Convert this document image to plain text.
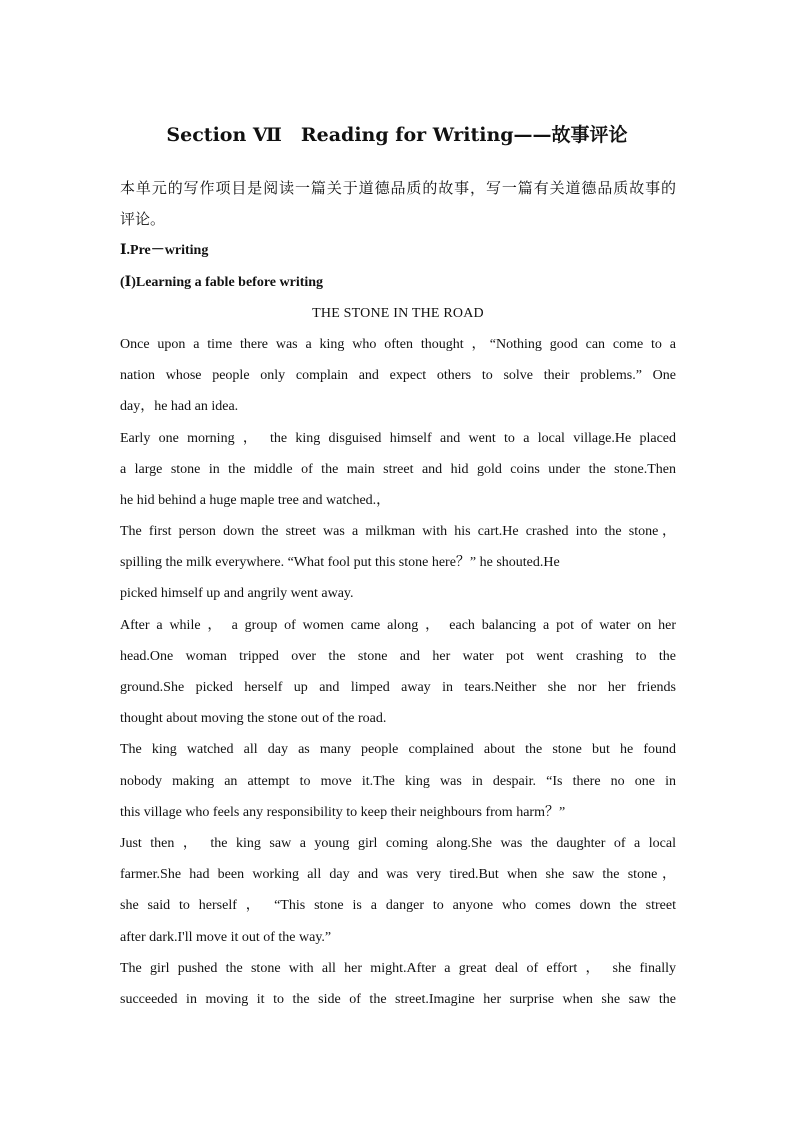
Section Ⅶ　Reading for Writing——故事评论
本单元的写作项目是阅读一篇关于道德品质的故事，写一篇有关道德品质故事的
评论。
Ⅰ.Pre－writing
(Ⅰ)Learning a fable before writing
THE STONE IN THE ROAD
Once upon a time there was a king who often thought ，“Nothing good can come to a
nation whose people only complain and expect others to solve their problems.” One
day，he had an idea.
Early one morning ， the king disguised himself and went to a local village.He placed
a large stone in the middle of the main street and hid gold coins under the stone.Then
he hid behind a huge maple tree and watched.，
The first person down the street was a milkman with his cart.He crashed into the stone，
spilling the milk everywhere. “What fool put this stone here？” he shouted.He
picked himself up and angrily went away.
After a while ， a group of women came along ， each balancing a pot of water on her
head.One woman tripped over the stone and her water pot went crashing to the
ground.She picked herself up and limped away in tears.Neither she nor her friends
thought about moving the stone out of the road.
The king watched all day as many people complained about the stone but he found
nobody making an attempt to move it.The king was in despair. “Is there no one in
this village who feels any responsibility to keep their neighbours from harm？”
Just then ， the king saw a young girl coming along.She was the daughter of a local
farmer.She had been working all day and was very tired.But when she saw the stone，
she said to herself ， “This stone is a danger to anyone who comes down the street
after dark.I'll move it out of the way.”
The girl pushed the stone with all her might.After a great deal of effort ， she finally
succeeded in moving it to the side of the street.Imagine her surprise when she saw the
